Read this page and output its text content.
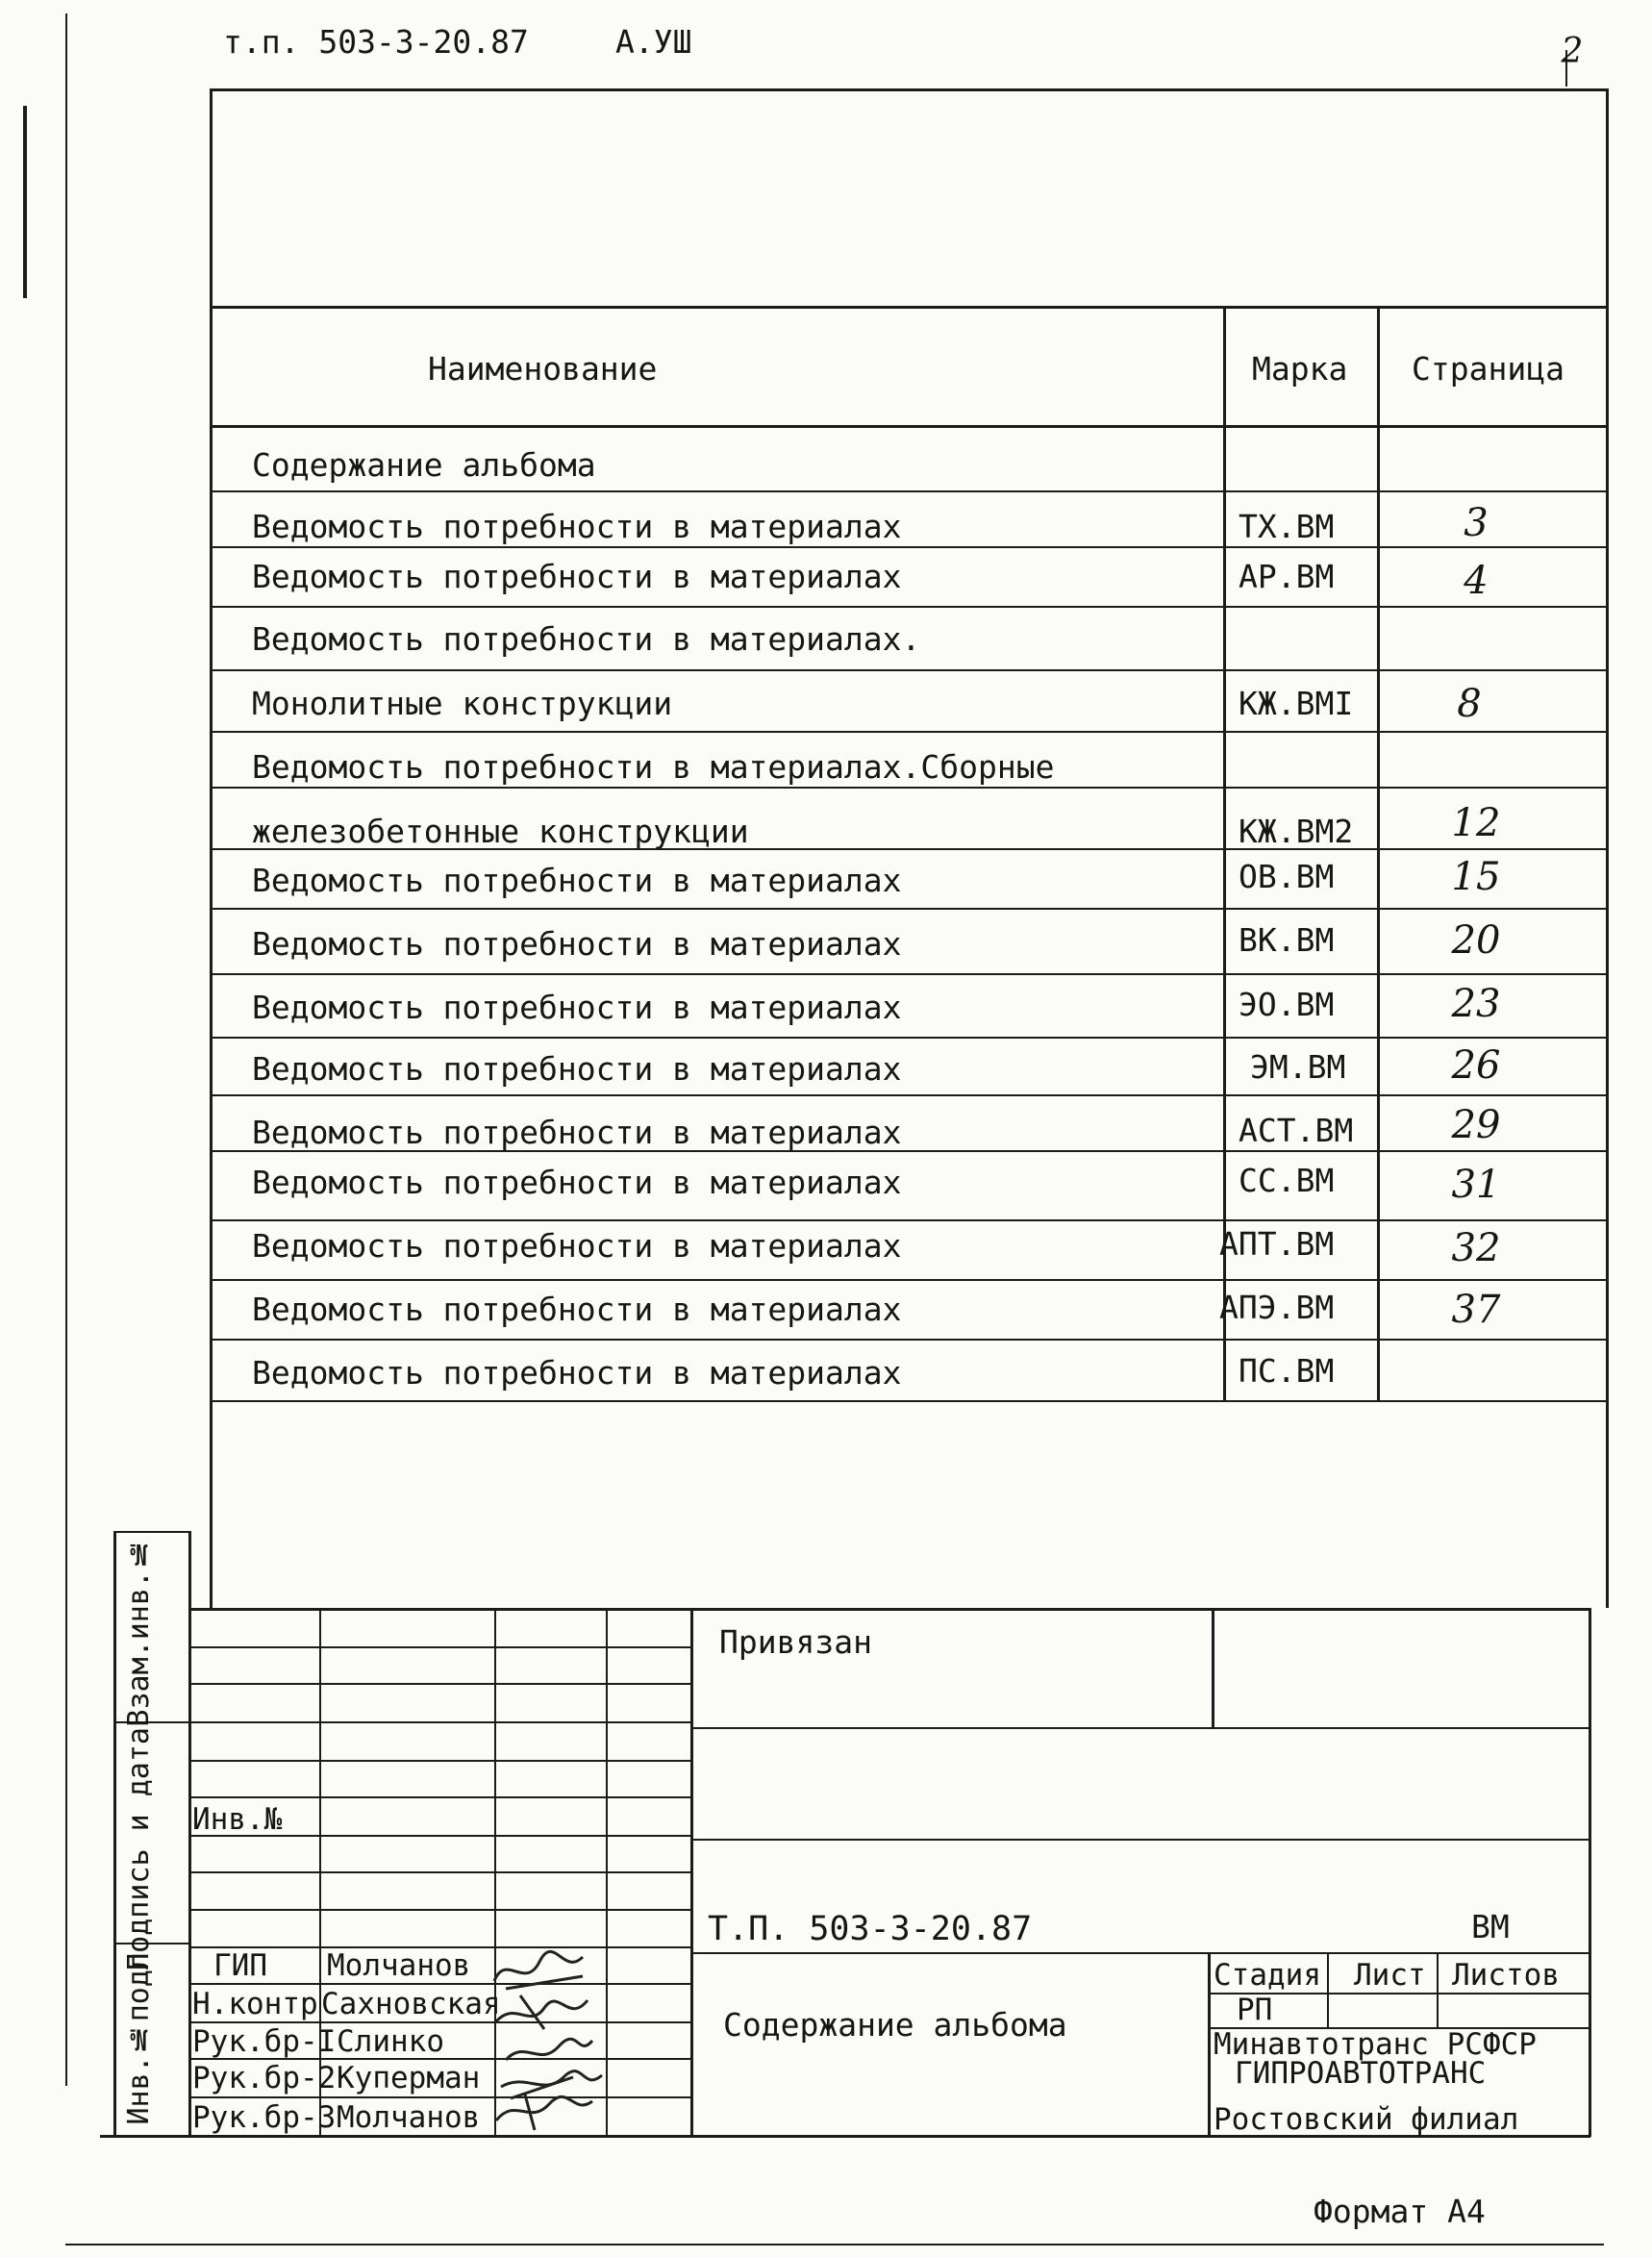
т.п. 503-3-20.87	А.УШ	2
Наименование	Марка Страница
Содержание альбома
Ведомость потребности в материалах	ТХ.ВМ	3
Ведомость потребности в материалах	АР.ВМ	4
Ведомость потребности в материалах.
Монолитные конструкции	КЖ.ВМI	8
Ведомость потребности в материалах.Сборные
железобетонные конструкции	КЖ.ВМ2	12
Ведомость потребности в материалах	ОВ.ВМ	15
Ведомость потребности в материалах	ВК.ВМ	20
Ведомость потребности в материалах	ЭО.ВМ	23
Ведомость потребности в материалах	ЭМ.ВМ	26
Ведомость потребности в материалах	АСТ.ВМ	29
Ведомость потребности в материалах	СС.ВМ	31
Ведомость потребности в материалах	АПТ.ВМ	32
Ведомость потребности в материалах	АПЭ.ВМ	37
Ведомость потребности в материалах	ПС.ВМ
Взам.инв.№
Подпись и дата
Инв.№подл
Инв.№
ГИП Молчанов
Н.контр Сахновская
Рук.бр-I Слинко
Рук.бр-2 Куперман
Рук.бр-3 Молчанов
Привязан
Т.П. 503-3-20.87	ВМ
Содержание альбома
Стадия Лист Листов
РП
Минавтотранс РСФСР
ГИПРОАВТОТРАНС
Ростовский филиал
Формат А4
